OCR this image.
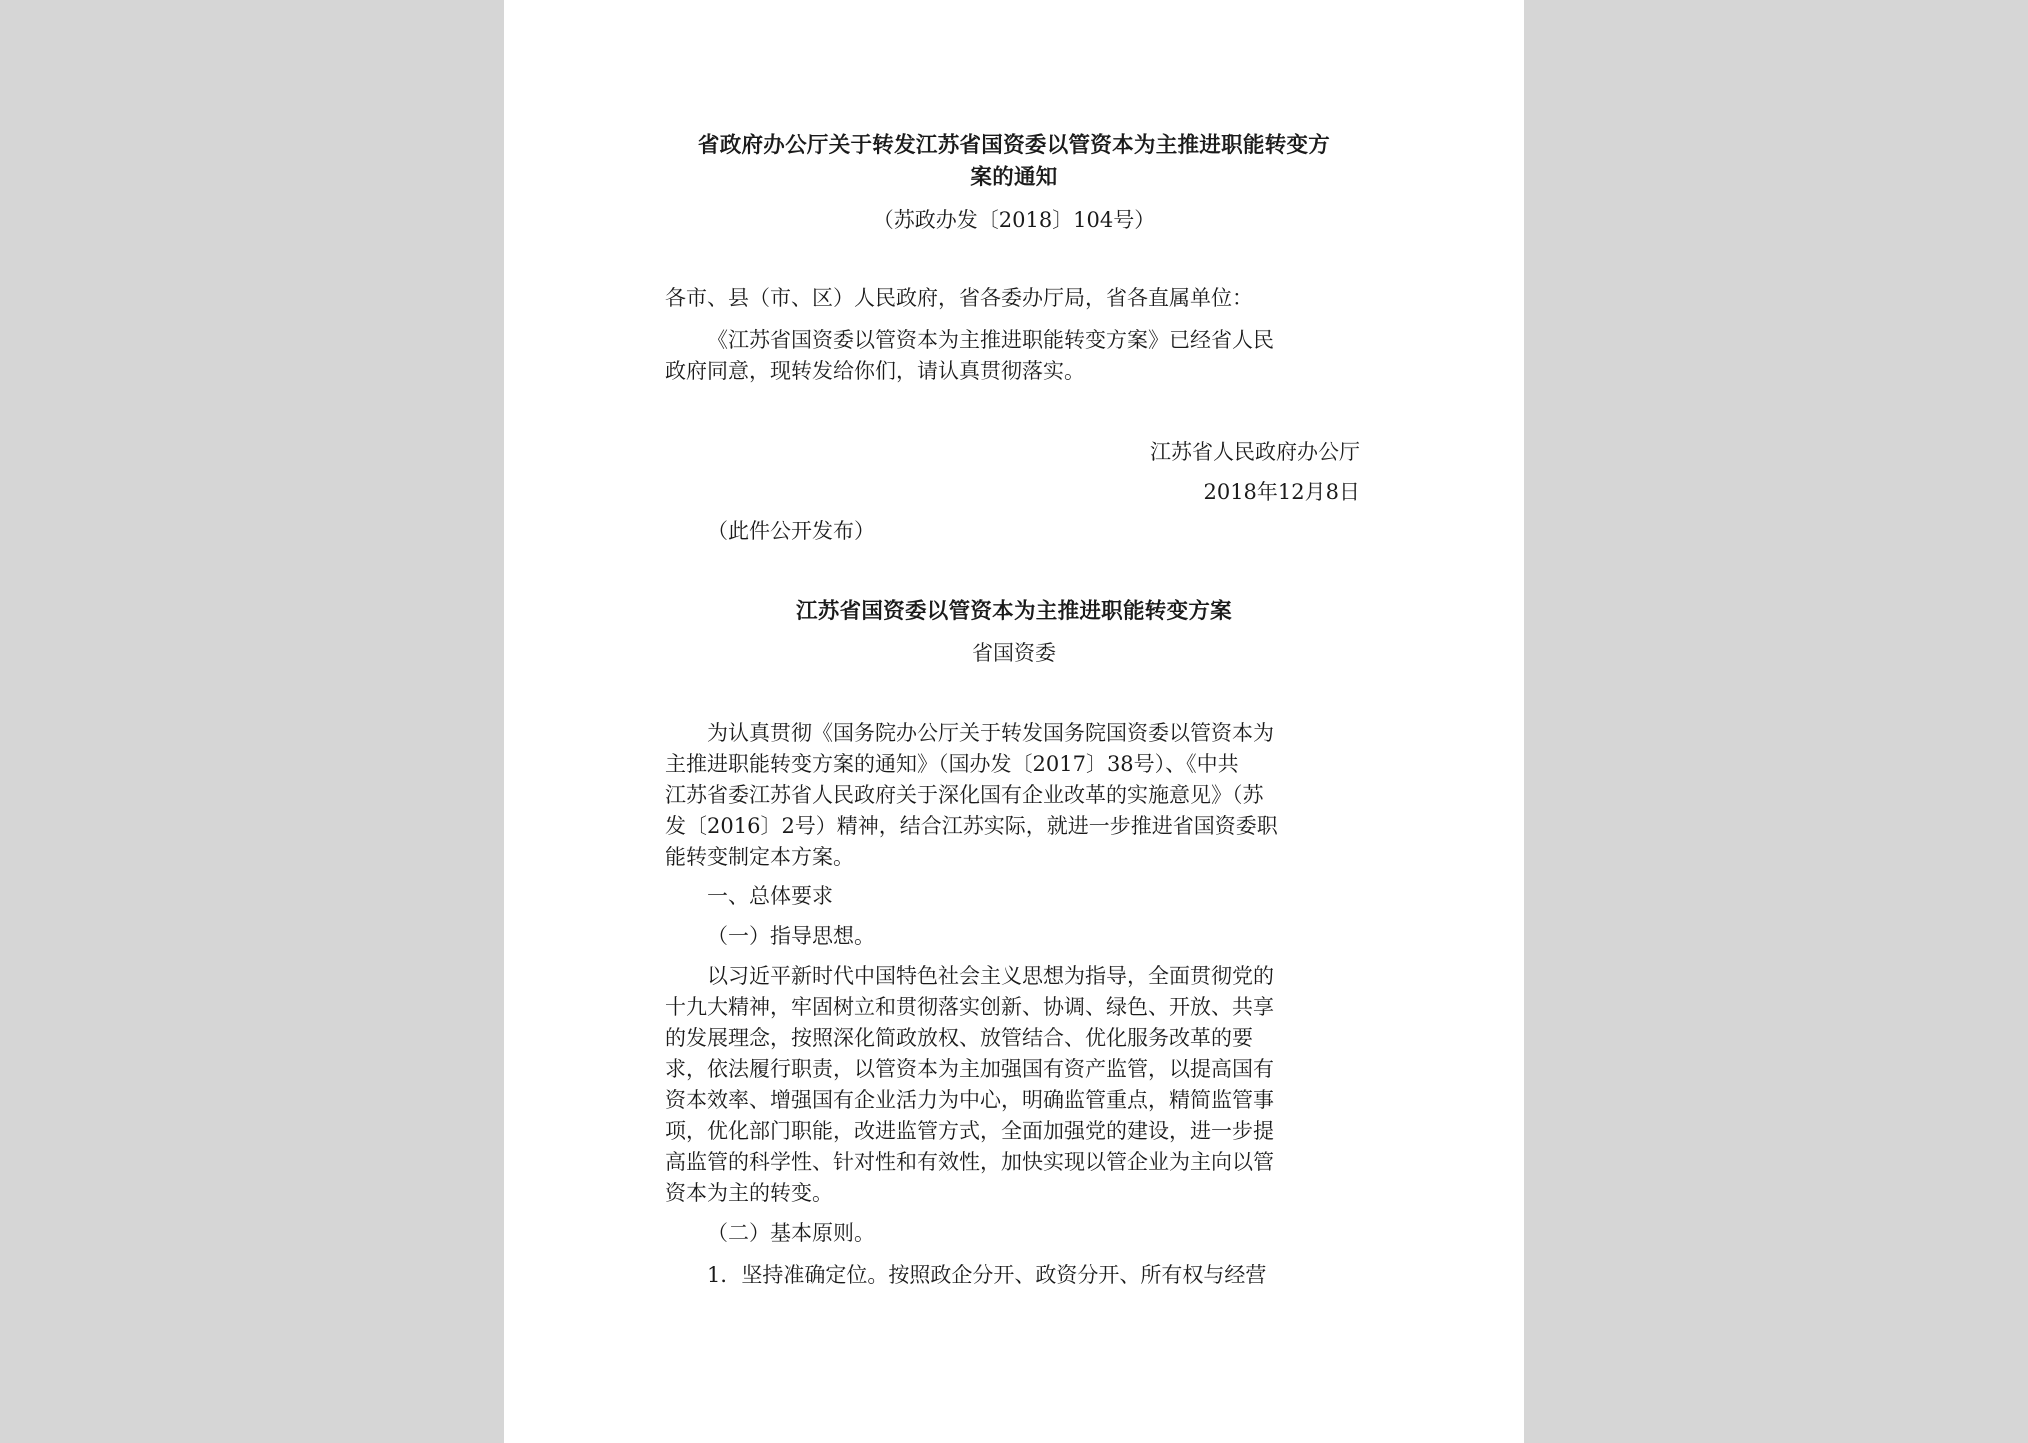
省政府办公厅关于转发江苏省国资委以管资本为主推进职能转变方
案的通知
（苏政办发〔2018〕104号）
各市、县（市、区）人民政府，省各委办厅局，省各直属单位：
《江苏省国资委以管资本为主推进职能转变方案》已经省人民
政府同意，现转发给你们，请认真贯彻落实。
江苏省人民政府办公厅
2018年12月8日
（此件公开发布）
江苏省国资委以管资本为主推进职能转变方案
省国资委
为认真贯彻《国务院办公厅关于转发国务院国资委以管资本为
主推进职能转变方案的通知》（国办发〔2017〕38号）、《中共
江苏省委江苏省人民政府关于深化国有企业改革的实施意见》（苏
发〔2016〕2号）精神，结合江苏实际，就进一步推进省国资委职
能转变制定本方案。
一、总体要求
（一）指导思想。
以习近平新时代中国特色社会主义思想为指导，全面贯彻党的
十九大精神，牢固树立和贯彻落实创新、协调、绿色、开放、共享
的发展理念，按照深化简政放权、放管结合、优化服务改革的要
求，依法履行职责，以管资本为主加强国有资产监管，以提高国有
资本效率、增强国有企业活力为中心，明确监管重点，精简监管事
项，优化部门职能，改进监管方式，全面加强党的建设，进一步提
高监管的科学性、针对性和有效性，加快实现以管企业为主向以管
资本为主的转变。
（二）基本原则。
1．坚持准确定位。按照政企分开、政资分开、所有权与经营
